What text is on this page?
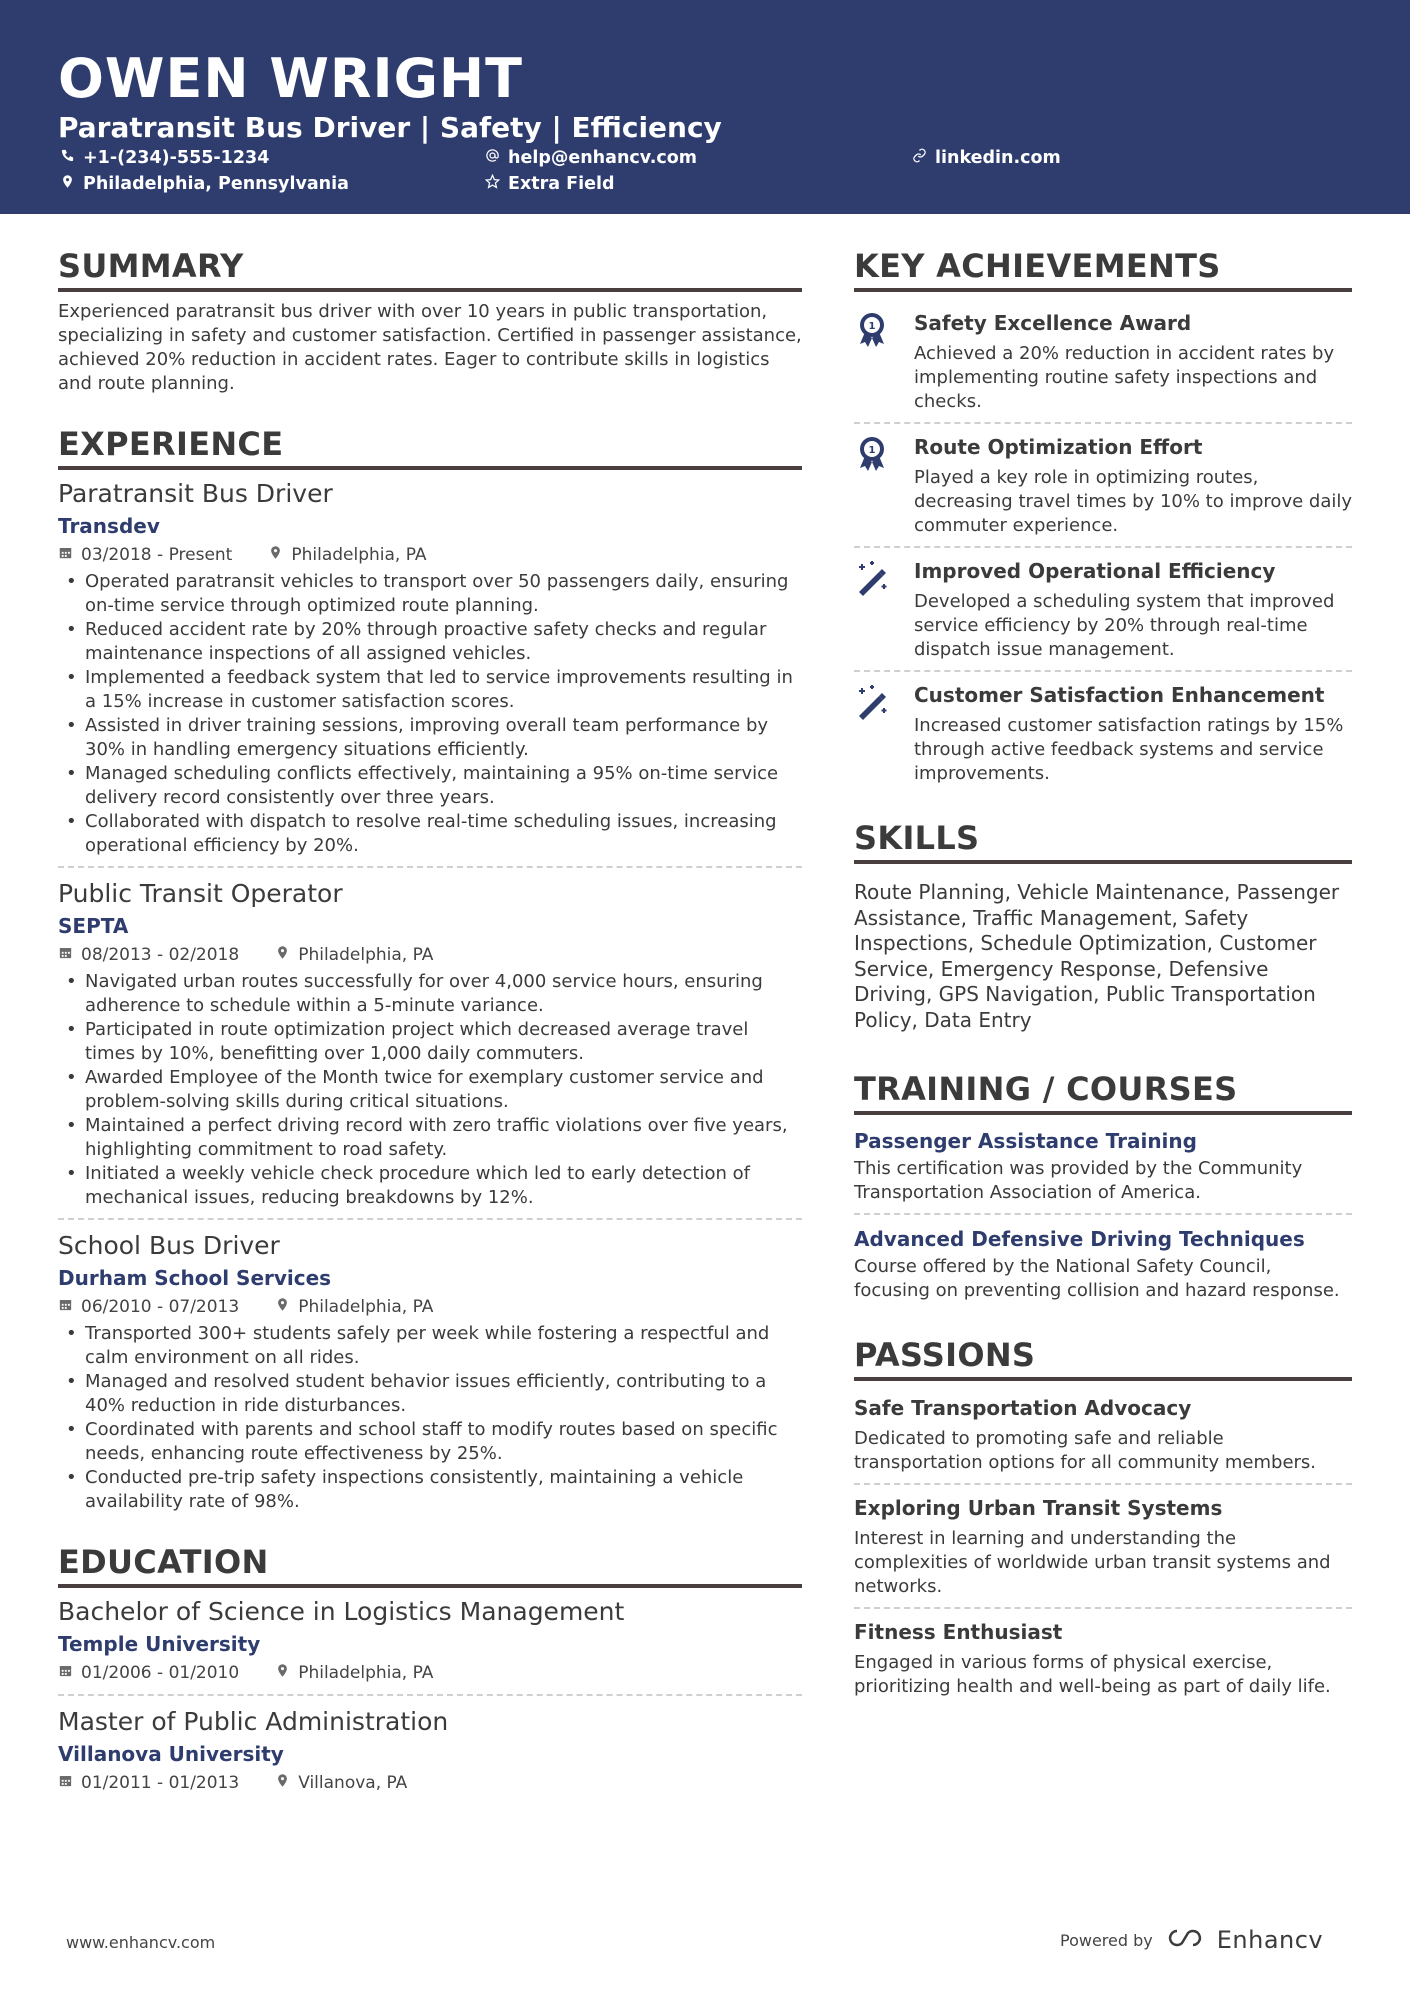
OWEN WRIGHT
Paratransit Bus Driver | Safety | Efficiency
+1-(234)-555-1234	help@enhancv.com	linkedin.com
Philadelphia, Pennsylvania	Extra Field
SUMMARY
Experienced paratransit bus driver with over 10 years in public transportation, specializing in safety and customer satisfaction. Certified in passenger assistance, achieved 20% reduction in accident rates. Eager to contribute skills in logistics and route planning.
EXPERIENCE
Paratransit Bus Driver
Transdev
03/2018 - Present	Philadelphia, PA
• Operated paratransit vehicles to transport over 50 passengers daily, ensuring on-time service through optimized route planning.
• Reduced accident rate by 20% through proactive safety checks and regular maintenance inspections of all assigned vehicles.
• Implemented a feedback system that led to service improvements resulting in a 15% increase in customer satisfaction scores.
• Assisted in driver training sessions, improving overall team performance by 30% in handling emergency situations efficiently.
• Managed scheduling conflicts effectively, maintaining a 95% on-time service delivery record consistently over three years.
• Collaborated with dispatch to resolve real-time scheduling issues, increasing operational efficiency by 20%.
Public Transit Operator
SEPTA
08/2013 - 02/2018	Philadelphia, PA
• Navigated urban routes successfully for over 4,000 service hours, ensuring adherence to schedule within a 5-minute variance.
• Participated in route optimization project which decreased average travel times by 10%, benefitting over 1,000 daily commuters.
• Awarded Employee of the Month twice for exemplary customer service and problem-solving skills during critical situations.
• Maintained a perfect driving record with zero traffic violations over five years, highlighting commitment to road safety.
• Initiated a weekly vehicle check procedure which led to early detection of mechanical issues, reducing breakdowns by 12%.
School Bus Driver
Durham School Services
06/2010 - 07/2013	Philadelphia, PA
• Transported 300+ students safely per week while fostering a respectful and calm environment on all rides.
• Managed and resolved student behavior issues efficiently, contributing to a 40% reduction in ride disturbances.
• Coordinated with parents and school staff to modify routes based on specific needs, enhancing route effectiveness by 25%.
• Conducted pre-trip safety inspections consistently, maintaining a vehicle availability rate of 98%.
EDUCATION
Bachelor of Science in Logistics Management
Temple University
01/2006 - 01/2010	Philadelphia, PA
Master of Public Administration
Villanova University
01/2011 - 01/2013	Villanova, PA
KEY ACHIEVEMENTS
1 Safety Excellence Award
Achieved a 20% reduction in accident rates by implementing routine safety inspections and checks.
1 Route Optimization Effort
Played a key role in optimizing routes, decreasing travel times by 10% to improve daily commuter experience.
Improved Operational Efficiency
Developed a scheduling system that improved service efficiency by 20% through real-time dispatch issue management.
Customer Satisfaction Enhancement
Increased customer satisfaction ratings by 15% through active feedback systems and service improvements.
SKILLS
Route Planning, Vehicle Maintenance, Passenger Assistance, Traffic Management, Safety Inspections, Schedule Optimization, Customer Service, Emergency Response, Defensive Driving, GPS Navigation, Public Transportation Policy, Data Entry
TRAINING / COURSES
Passenger Assistance Training
This certification was provided by the Community Transportation Association of America.
Advanced Defensive Driving Techniques
Course offered by the National Safety Council, focusing on preventing collision and hazard response.
PASSIONS
Safe Transportation Advocacy
Dedicated to promoting safe and reliable transportation options for all community members.
Exploring Urban Transit Systems
Interest in learning and understanding the complexities of worldwide urban transit systems and networks.
Fitness Enthusiast
Engaged in various forms of physical exercise, prioritizing health and well-being as part of daily life.
www.enhancv.com	Powered by	Enhancv
